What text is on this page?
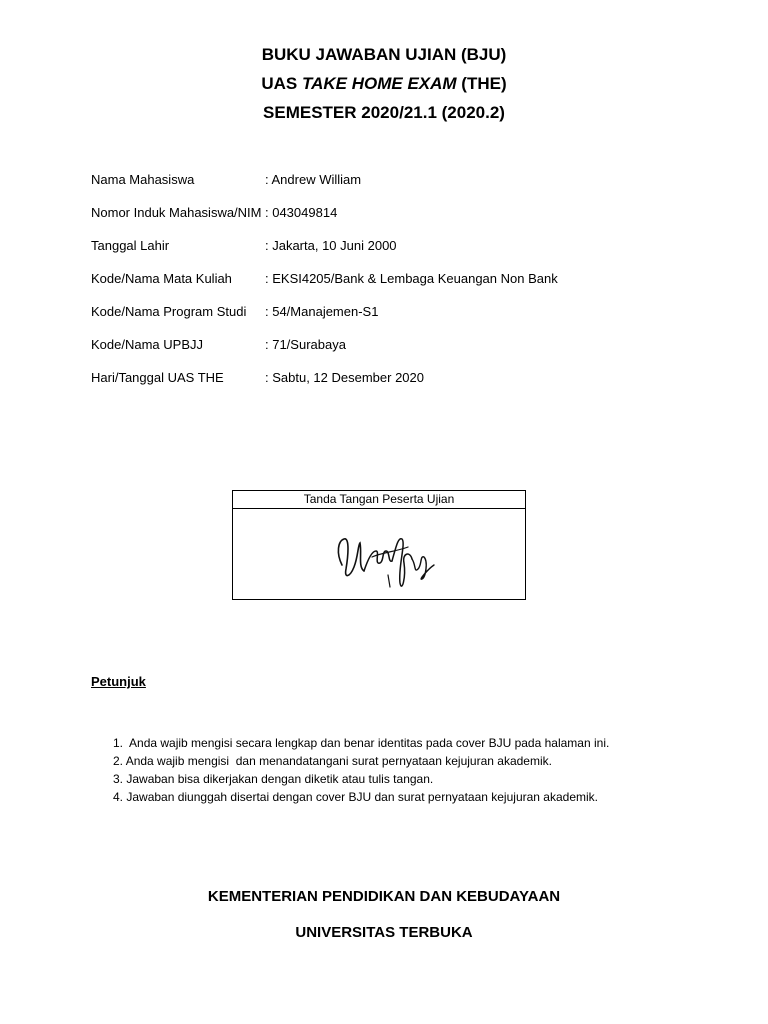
BUKU JAWABAN UJIAN (BJU)
UAS TAKE HOME EXAM (THE)
SEMESTER 2020/21.1 (2020.2)
Nama Mahasiswa	: Andrew William
Nomor Induk Mahasiswa/NIM : 043049814
Tanggal Lahir	: Jakarta, 10 Juni 2000
Kode/Nama Mata Kuliah	: EKSI4205/Bank & Lembaga Keuangan Non Bank
Kode/Nama Program Studi	: 54/Manajemen-S1
Kode/Nama UPBJJ	: 71/Surabaya
Hari/Tanggal UAS THE	: Sabtu, 12 Desember 2020
Tanda Tangan Peserta Ujian
Petunjuk
1.  Anda wajib mengisi secara lengkap dan benar identitas pada cover BJU pada halaman ini.
2. Anda wajib mengisi  dan menandatangani surat pernyataan kejujuran akademik.
3. Jawaban bisa dikerjakan dengan diketik atau tulis tangan.
4. Jawaban diunggah disertai dengan cover BJU dan surat pernyataan kejujuran akademik.
KEMENTERIAN PENDIDIKAN DAN KEBUDAYAAN
UNIVERSITAS TERBUKA
